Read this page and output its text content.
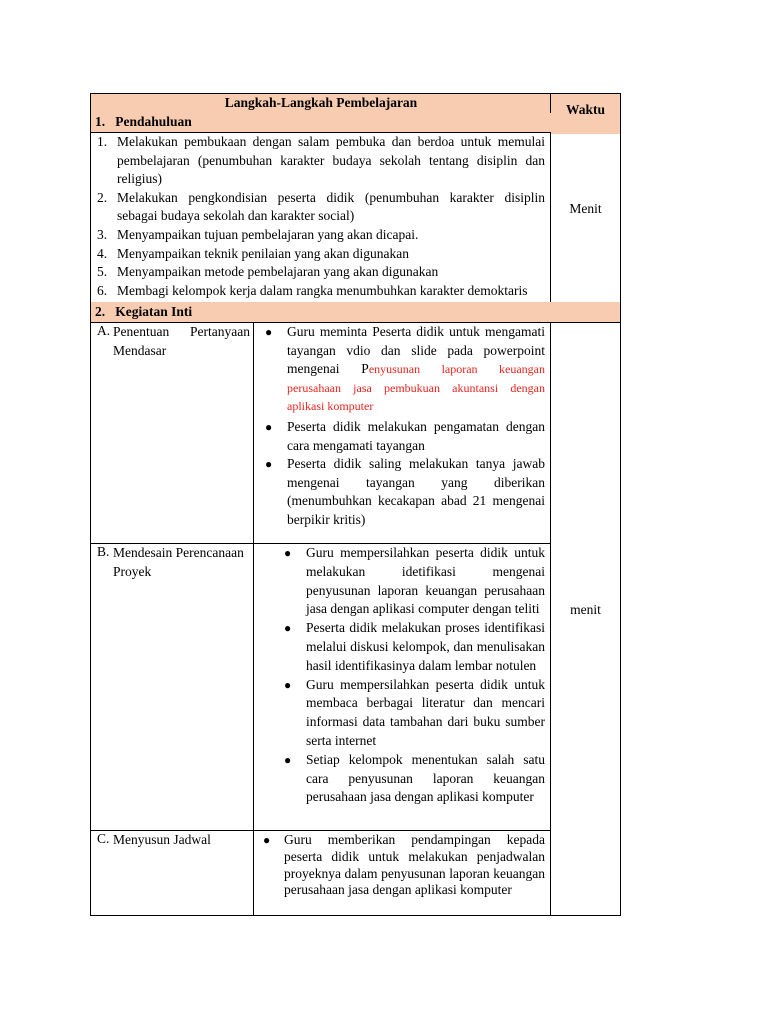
Langkah-Langkah Pembelajaran	Waktu
1.   Pendahuluan
1. Melakukan pembukaan dengan salam pembuka dan berdoa untuk memulai pembelajaran (penumbuhan karakter budaya sekolah tentang disiplin dan religius)
2. Melakukan pengkondisian peserta didik (penumbuhan karakter disiplin sebagai budaya sekolah dan karakter social)
3. Menyampaikan tujuan pembelajaran yang akan dicapai.
4. Menyampaikan teknik penilaian yang akan digunakan
5. Menyampaikan metode pembelajaran yang akan digunakan
6. Membagi kelompok kerja dalam rangka menumbuhkan karakter demoktaris
Menit
2.   Kegiatan Inti
A. Penentuan Pertanyaan Mendasar
● Guru meminta Peserta didik untuk mengamati tayangan vdio dan slide pada powerpoint mengenai Penyusunan laporan keuangan perusahaan jasa pembukuan akuntansi dengan aplikasi komputer
● Peserta didik melakukan pengamatan dengan cara mengamati tayangan
● Peserta didik saling melakukan tanya jawab mengenai tayangan yang diberikan (menumbuhkan kecakapan abad 21 mengenai berpikir kritis)
B. Mendesain Perencanaan Proyek
● Guru mempersilahkan peserta didik untuk melakukan idetifikasi mengenai penyusunan laporan keuangan perusahaan jasa dengan aplikasi computer dengan teliti
● Peserta didik melakukan proses identifikasi melalui diskusi kelompok, dan menulisakan hasil identifikasinya dalam lembar notulen
● Guru mempersilahkan peserta didik untuk membaca berbagai literatur dan mencari informasi data tambahan dari buku sumber serta internet
● Setiap kelompok menentukan salah satu cara penyusunan laporan keuangan perusahaan jasa dengan aplikasi komputer
C. Menyusun Jadwal	● Guru memberikan pendampingan kepada peserta didik untuk melakukan penjadwalan proyeknya dalam penyusunan laporan keuangan perusahaan jasa dengan aplikasi komputer
menit
